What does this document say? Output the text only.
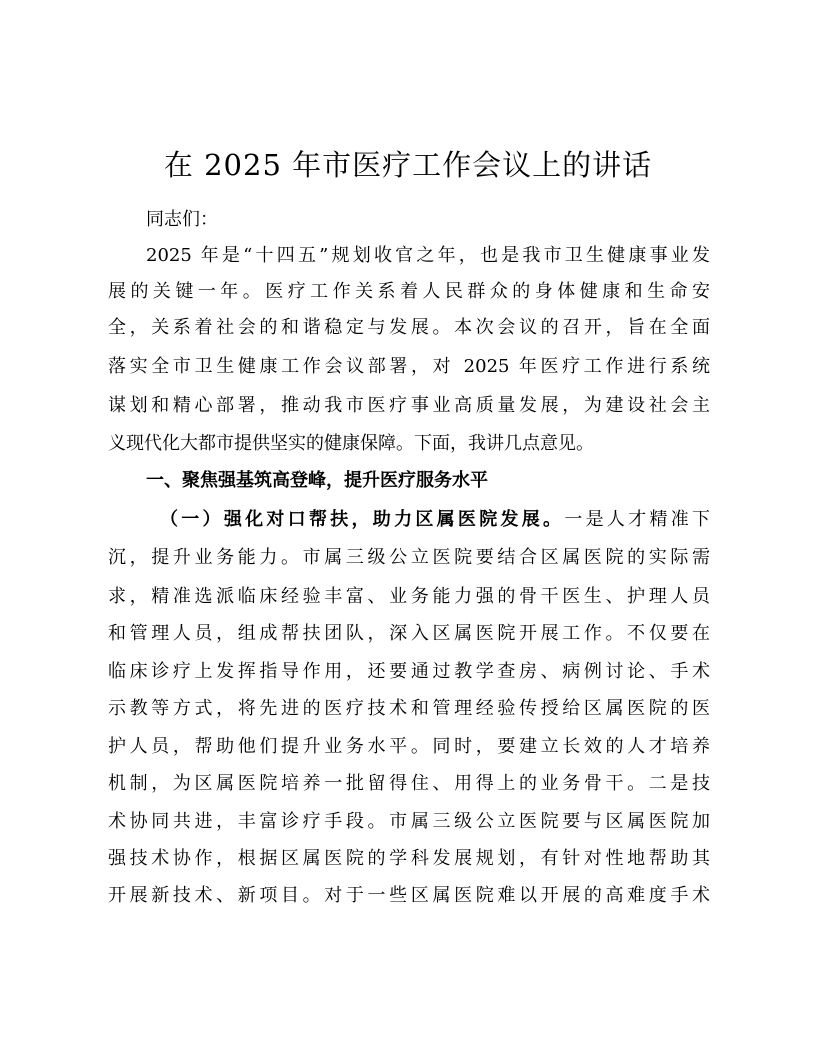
在 2025 年市医疗工作会议上的讲话
同志们：
2025 年是“十四五”规划收官之年，也是我市卫生健康事业发
展的关键一年。医疗工作关系着人民群众的身体健康和生命安
全，关系着社会的和谐稳定与发展。本次会议的召开，旨在全面
落实全市卫生健康工作会议部署，对 2025 年医疗工作进行系统
谋划和精心部署，推动我市医疗事业高质量发展，为建设社会主
义现代化大都市提供坚实的健康保障。下面，我讲几点意见。
一、聚焦强基筑高登峰，提升医疗服务水平
（一）强化对口帮扶，助力区属医院发展。一是人才精准下
沉，提升业务能力。市属三级公立医院要结合区属医院的实际需
求，精准选派临床经验丰富、业务能力强的骨干医生、护理人员
和管理人员，组成帮扶团队，深入区属医院开展工作。不仅要在
临床诊疗上发挥指导作用，还要通过教学查房、病例讨论、手术
示教等方式，将先进的医疗技术和管理经验传授给区属医院的医
护人员，帮助他们提升业务水平。同时，要建立长效的人才培养
机制，为区属医院培养一批留得住、用得上的业务骨干。二是技
术协同共进，丰富诊疗手段。市属三级公立医院要与区属医院加
强技术协作，根据区属医院的学科发展规划，有针对性地帮助其
开展新技术、新项目。对于一些区属医院难以开展的高难度手术
